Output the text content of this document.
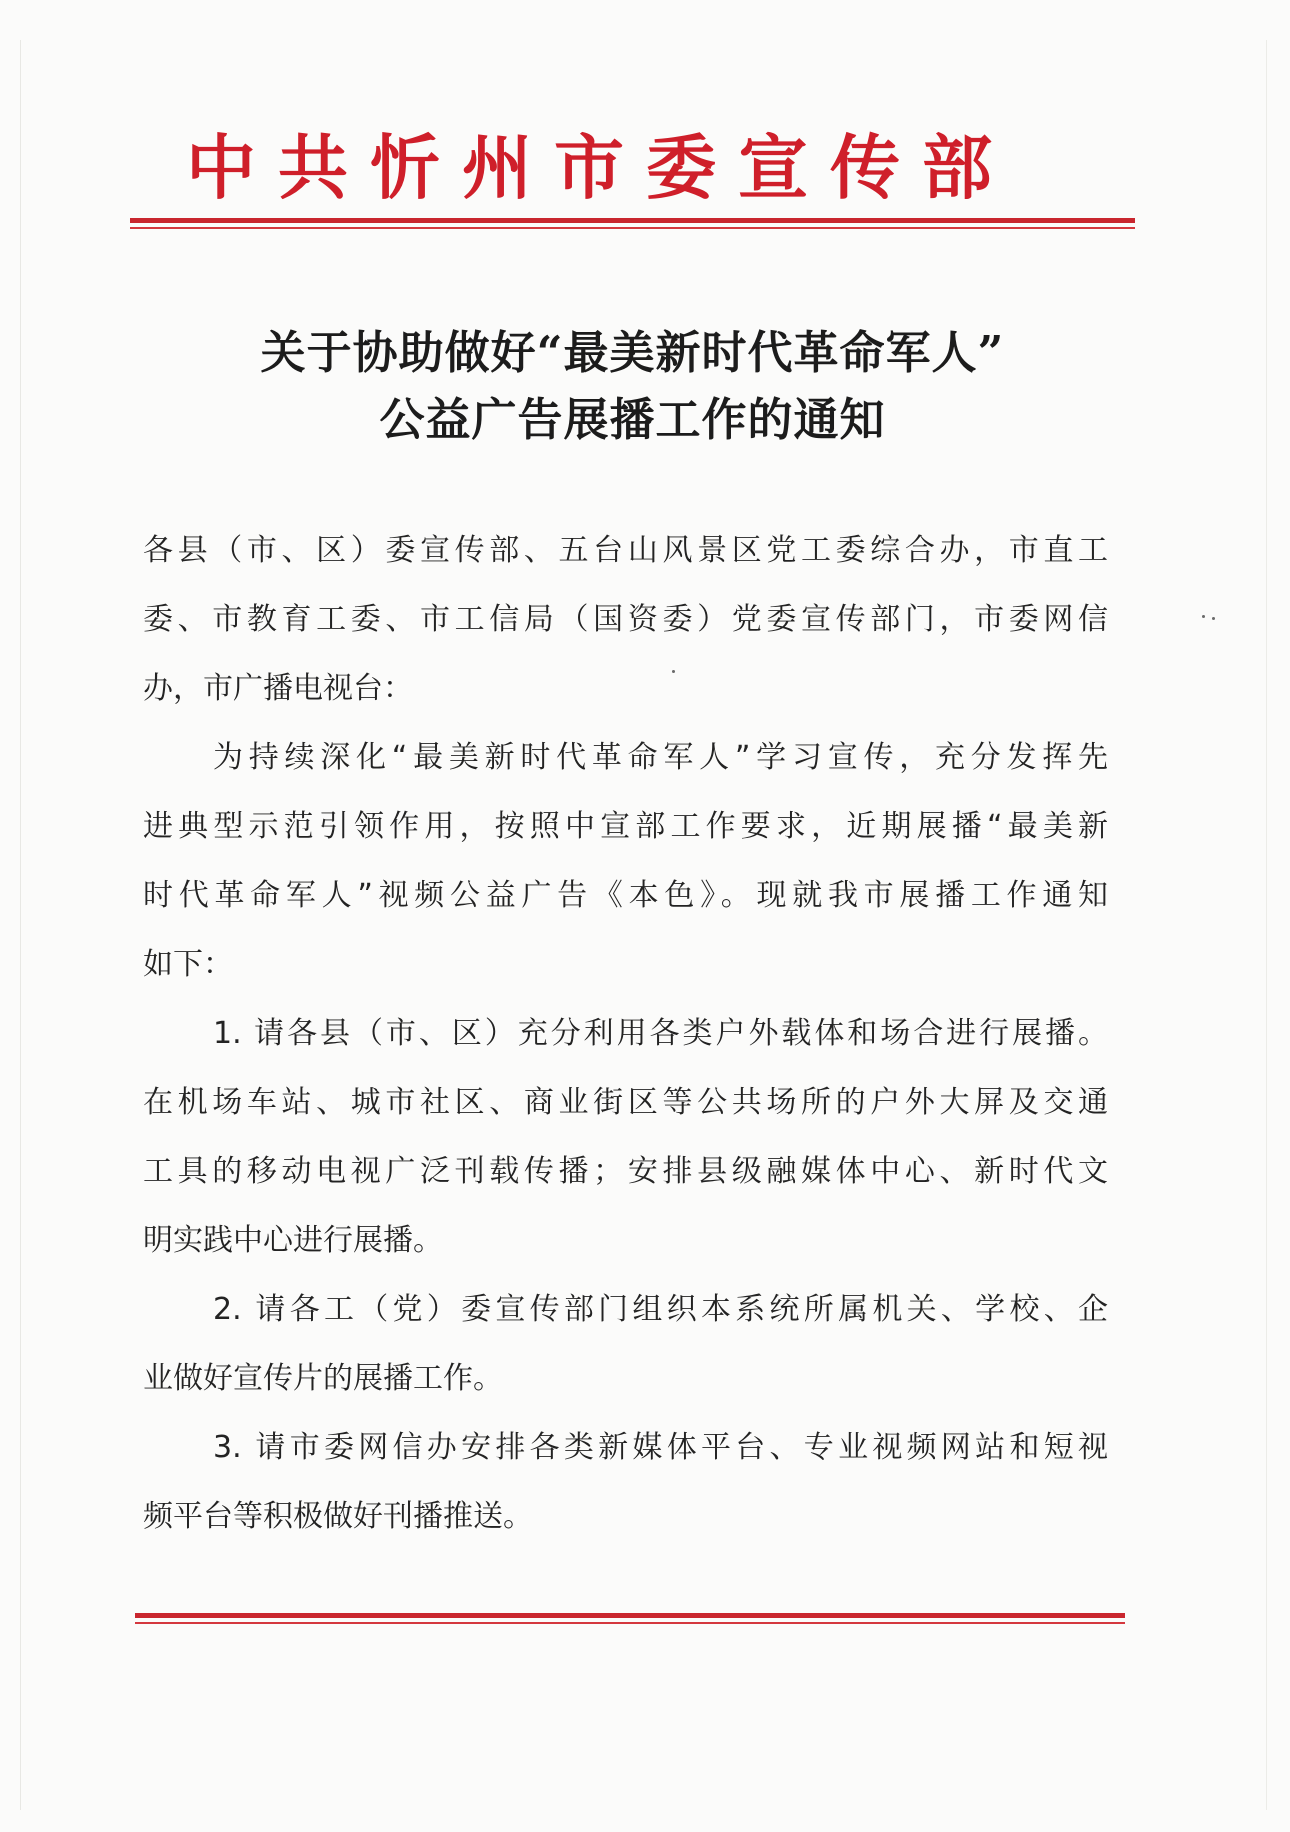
中共忻州市委宣传部
关于协助做好“最美新时代革命军人”
公益广告展播工作的通知
各县（市、区）委宣传部、五台山风景区党工委综合办，市直工
委、市教育工委、市工信局（国资委）党委宣传部门，市委网信
办，市广播电视台：
为持续深化“最美新时代革命军人”学习宣传，充分发挥先
进典型示范引领作用，按照中宣部工作要求，近期展播“最美新
时代革命军人”视频公益广告《本色》。现就我市展播工作通知
如下：
1. 请各县（市、区）充分利用各类户外载体和场合进行展播。
在机场车站、城市社区、商业街区等公共场所的户外大屏及交通
工具的移动电视广泛刊载传播；安排县级融媒体中心、新时代文
明实践中心进行展播。
2. 请各工（党）委宣传部门组织本系统所属机关、学校、企
业做好宣传片的展播工作。
3. 请市委网信办安排各类新媒体平台、专业视频网站和短视
频平台等积极做好刊播推送。
